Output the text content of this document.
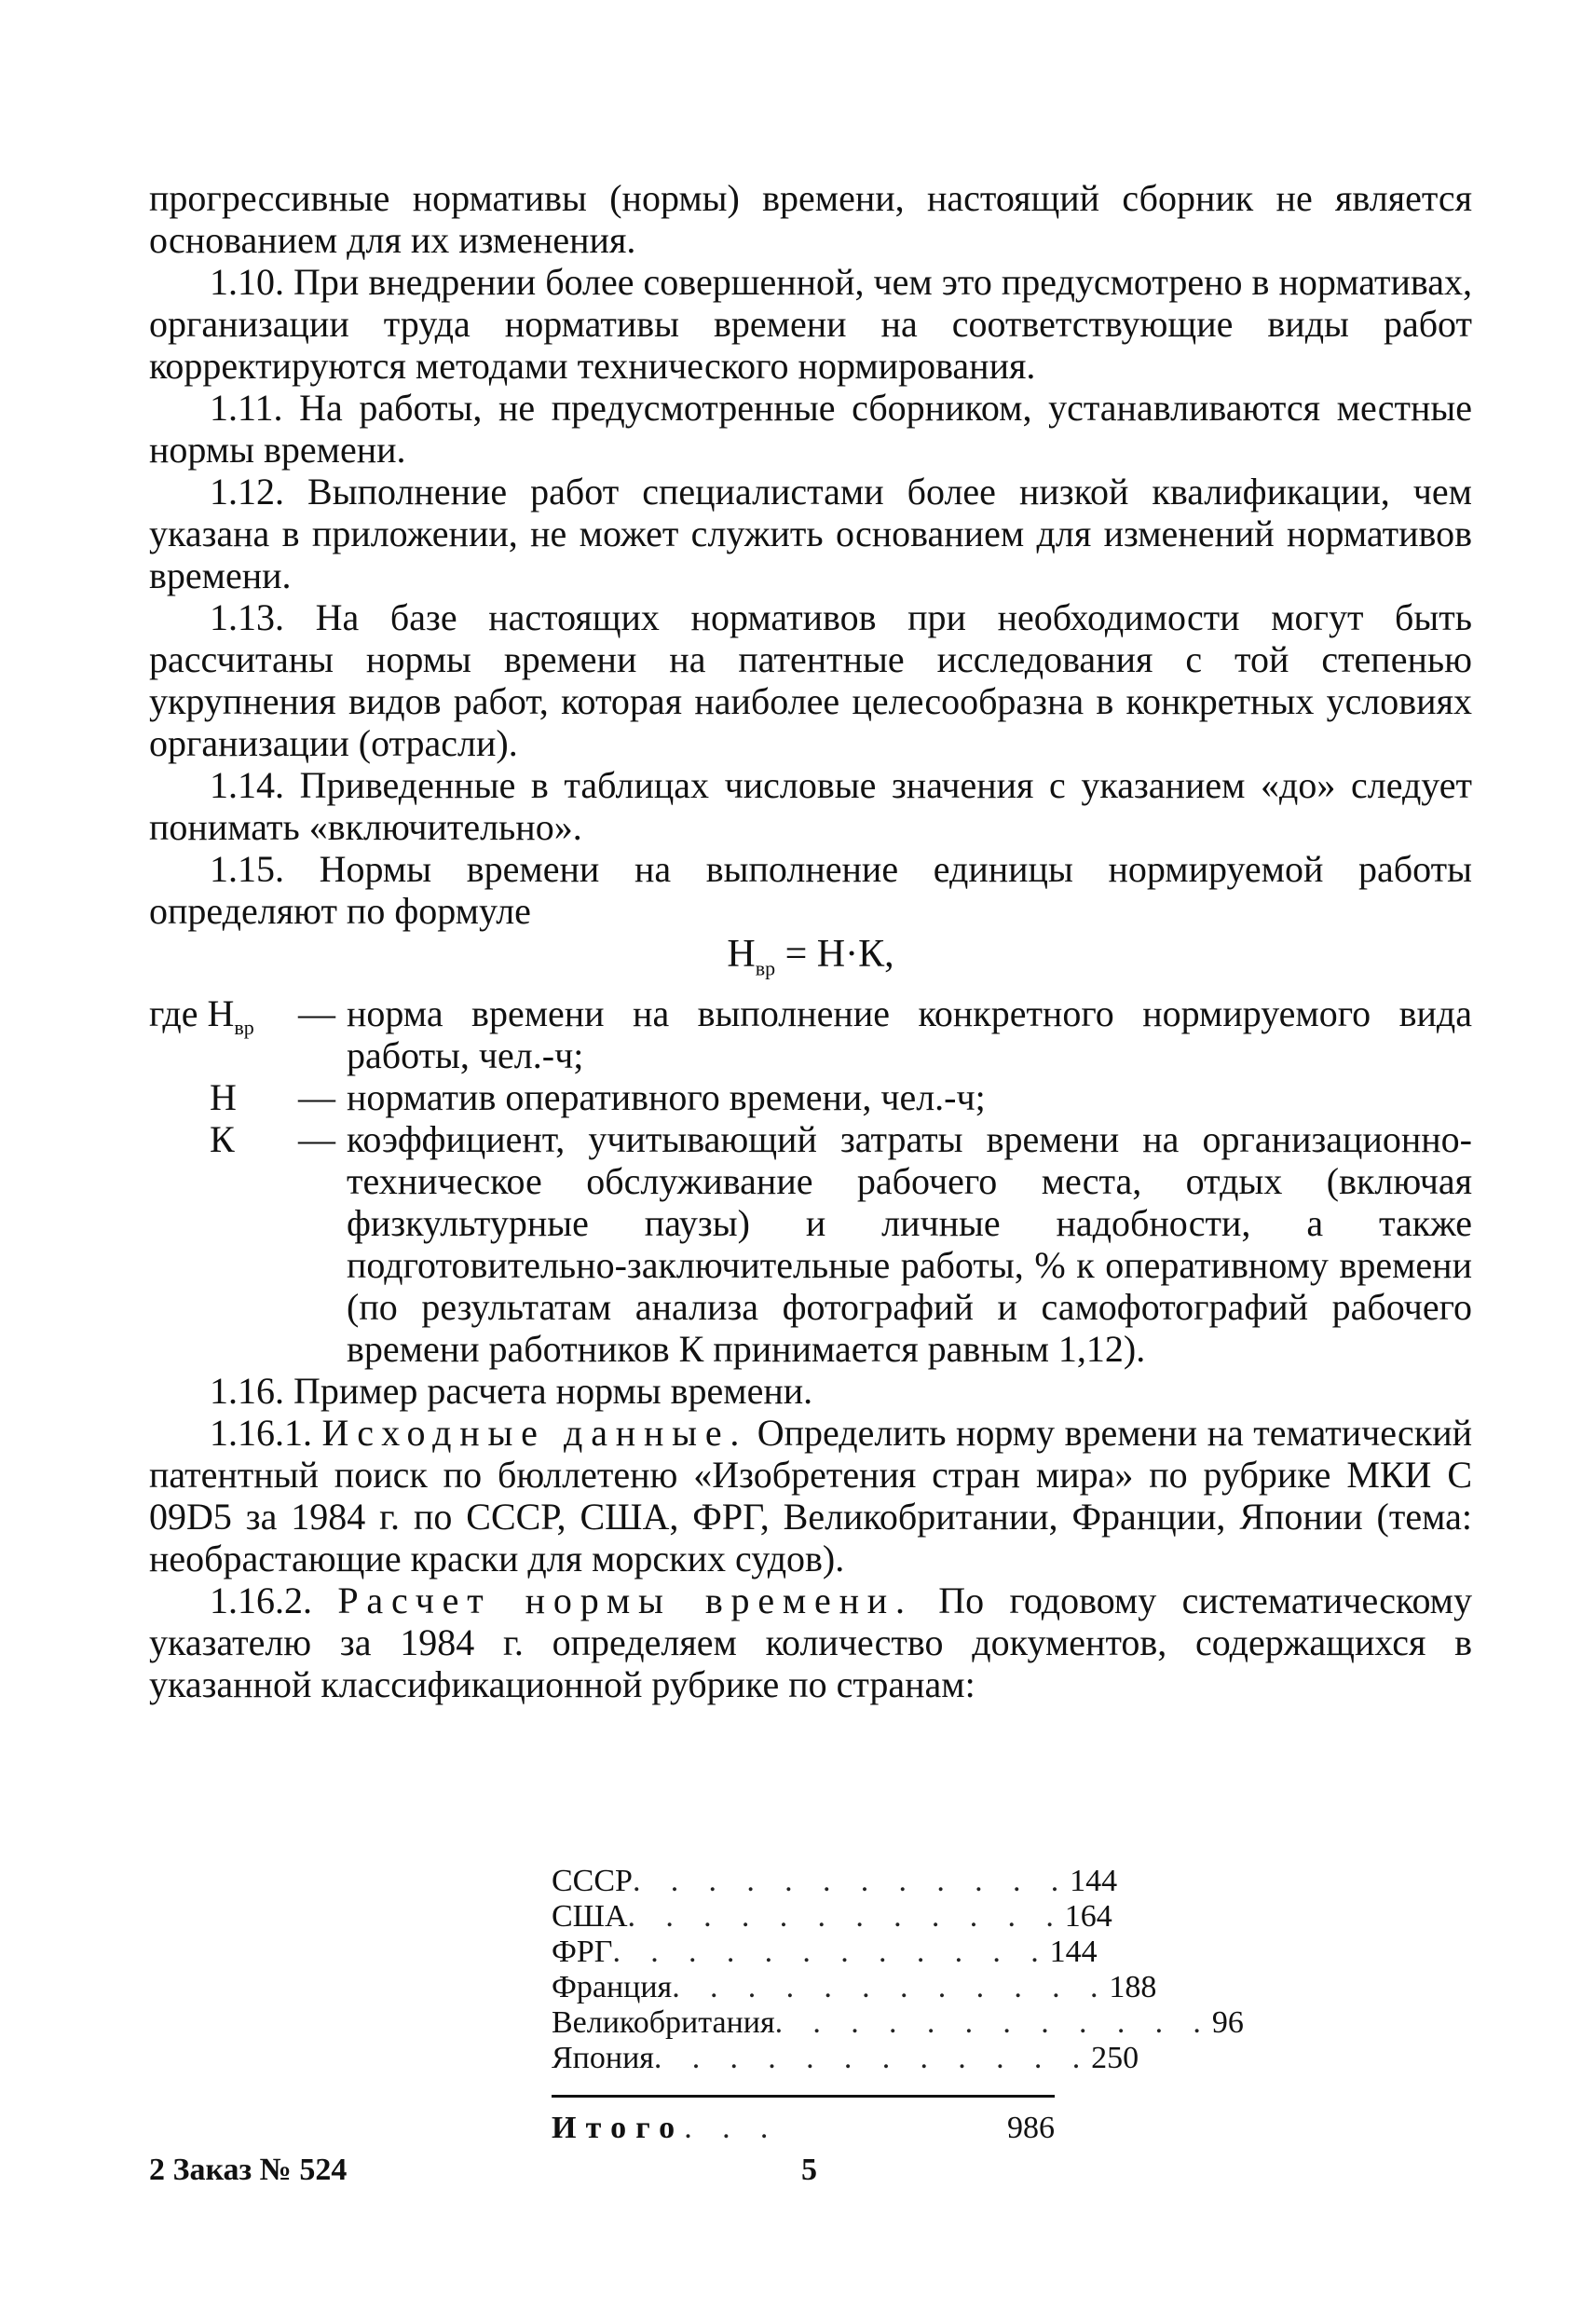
прогрессивные нормативы (нормы) времени, настоящий сборник не является основанием для их изменения.

1.10. При внедрении более совершенной, чем это предусмотрено в нормативах, организации труда нормативы времени на соответствующие виды работ корректируются методами технического нормирования.

1.11. На работы, не предусмотренные сборником, устанавливаются местные нормы времени.

1.12. Выполнение работ специалистами более низкой квалификации, чем указана в приложении, не может служить основанием для изменений нормативов времени.

1.13. На базе настоящих нормативов при необходимости могут быть рассчитаны нормы времени на патентные исследования с той степенью укрупнения видов работ, которая наиболее целесообразна в конкретных условиях организации (отрасли).

1.14. Приведенные в таблицах числовые значения с указанием «до» следует понимать «включительно».

1.15. Нормы времени на выполнение единицы нормируемой работы определяют по формуле

$Н_{вр} = Н\cdot К$,
где $Н_{вр}$	— норма времени на выполнение конкретного нормируемого вида работы, чел.-ч;
Н	— норматив оперативного времени, чел.-ч;
К	— коэффициент, учитывающий затраты времени на организационно-техническое обслуживание рабочего места, отдых (включая физкультурные паузы) и личные надобности, а также подготовительно-заключительные работы, % к оперативному времени (по результатам анализа фотографий и самофотографий рабочего времени работников К принимается равным 1,12).

1.16. Пример расчета нормы времени.

1.16.1. Исходные данные. Определить норму времени на тематический патентный поиск по бюллетеню «Изобретения стран мира» по рубрике МКИ С 09D5 за 1984 г. по СССР, США, ФРГ, Великобритании, Франции, Японии (тема: необрастающие краски для морских судов).

1.16.2. Расчет нормы времени. По годовому систематическому указателю за 1984 г. определяем количество документов, содержащихся в указанной классификационной рубрике по странам:

СССР . . . . . . . . . . . . 144
США . . . . . . . . . . . . 164
ФРГ . . . . . . . . . . . . 144
Франция . . . . . . . . . . . . 188
Великобритания . . . . . . . . . . . . 96
Япония . . . . . . . . . . . . 250
Итого . . .	986
2 Заказ № 524	5
